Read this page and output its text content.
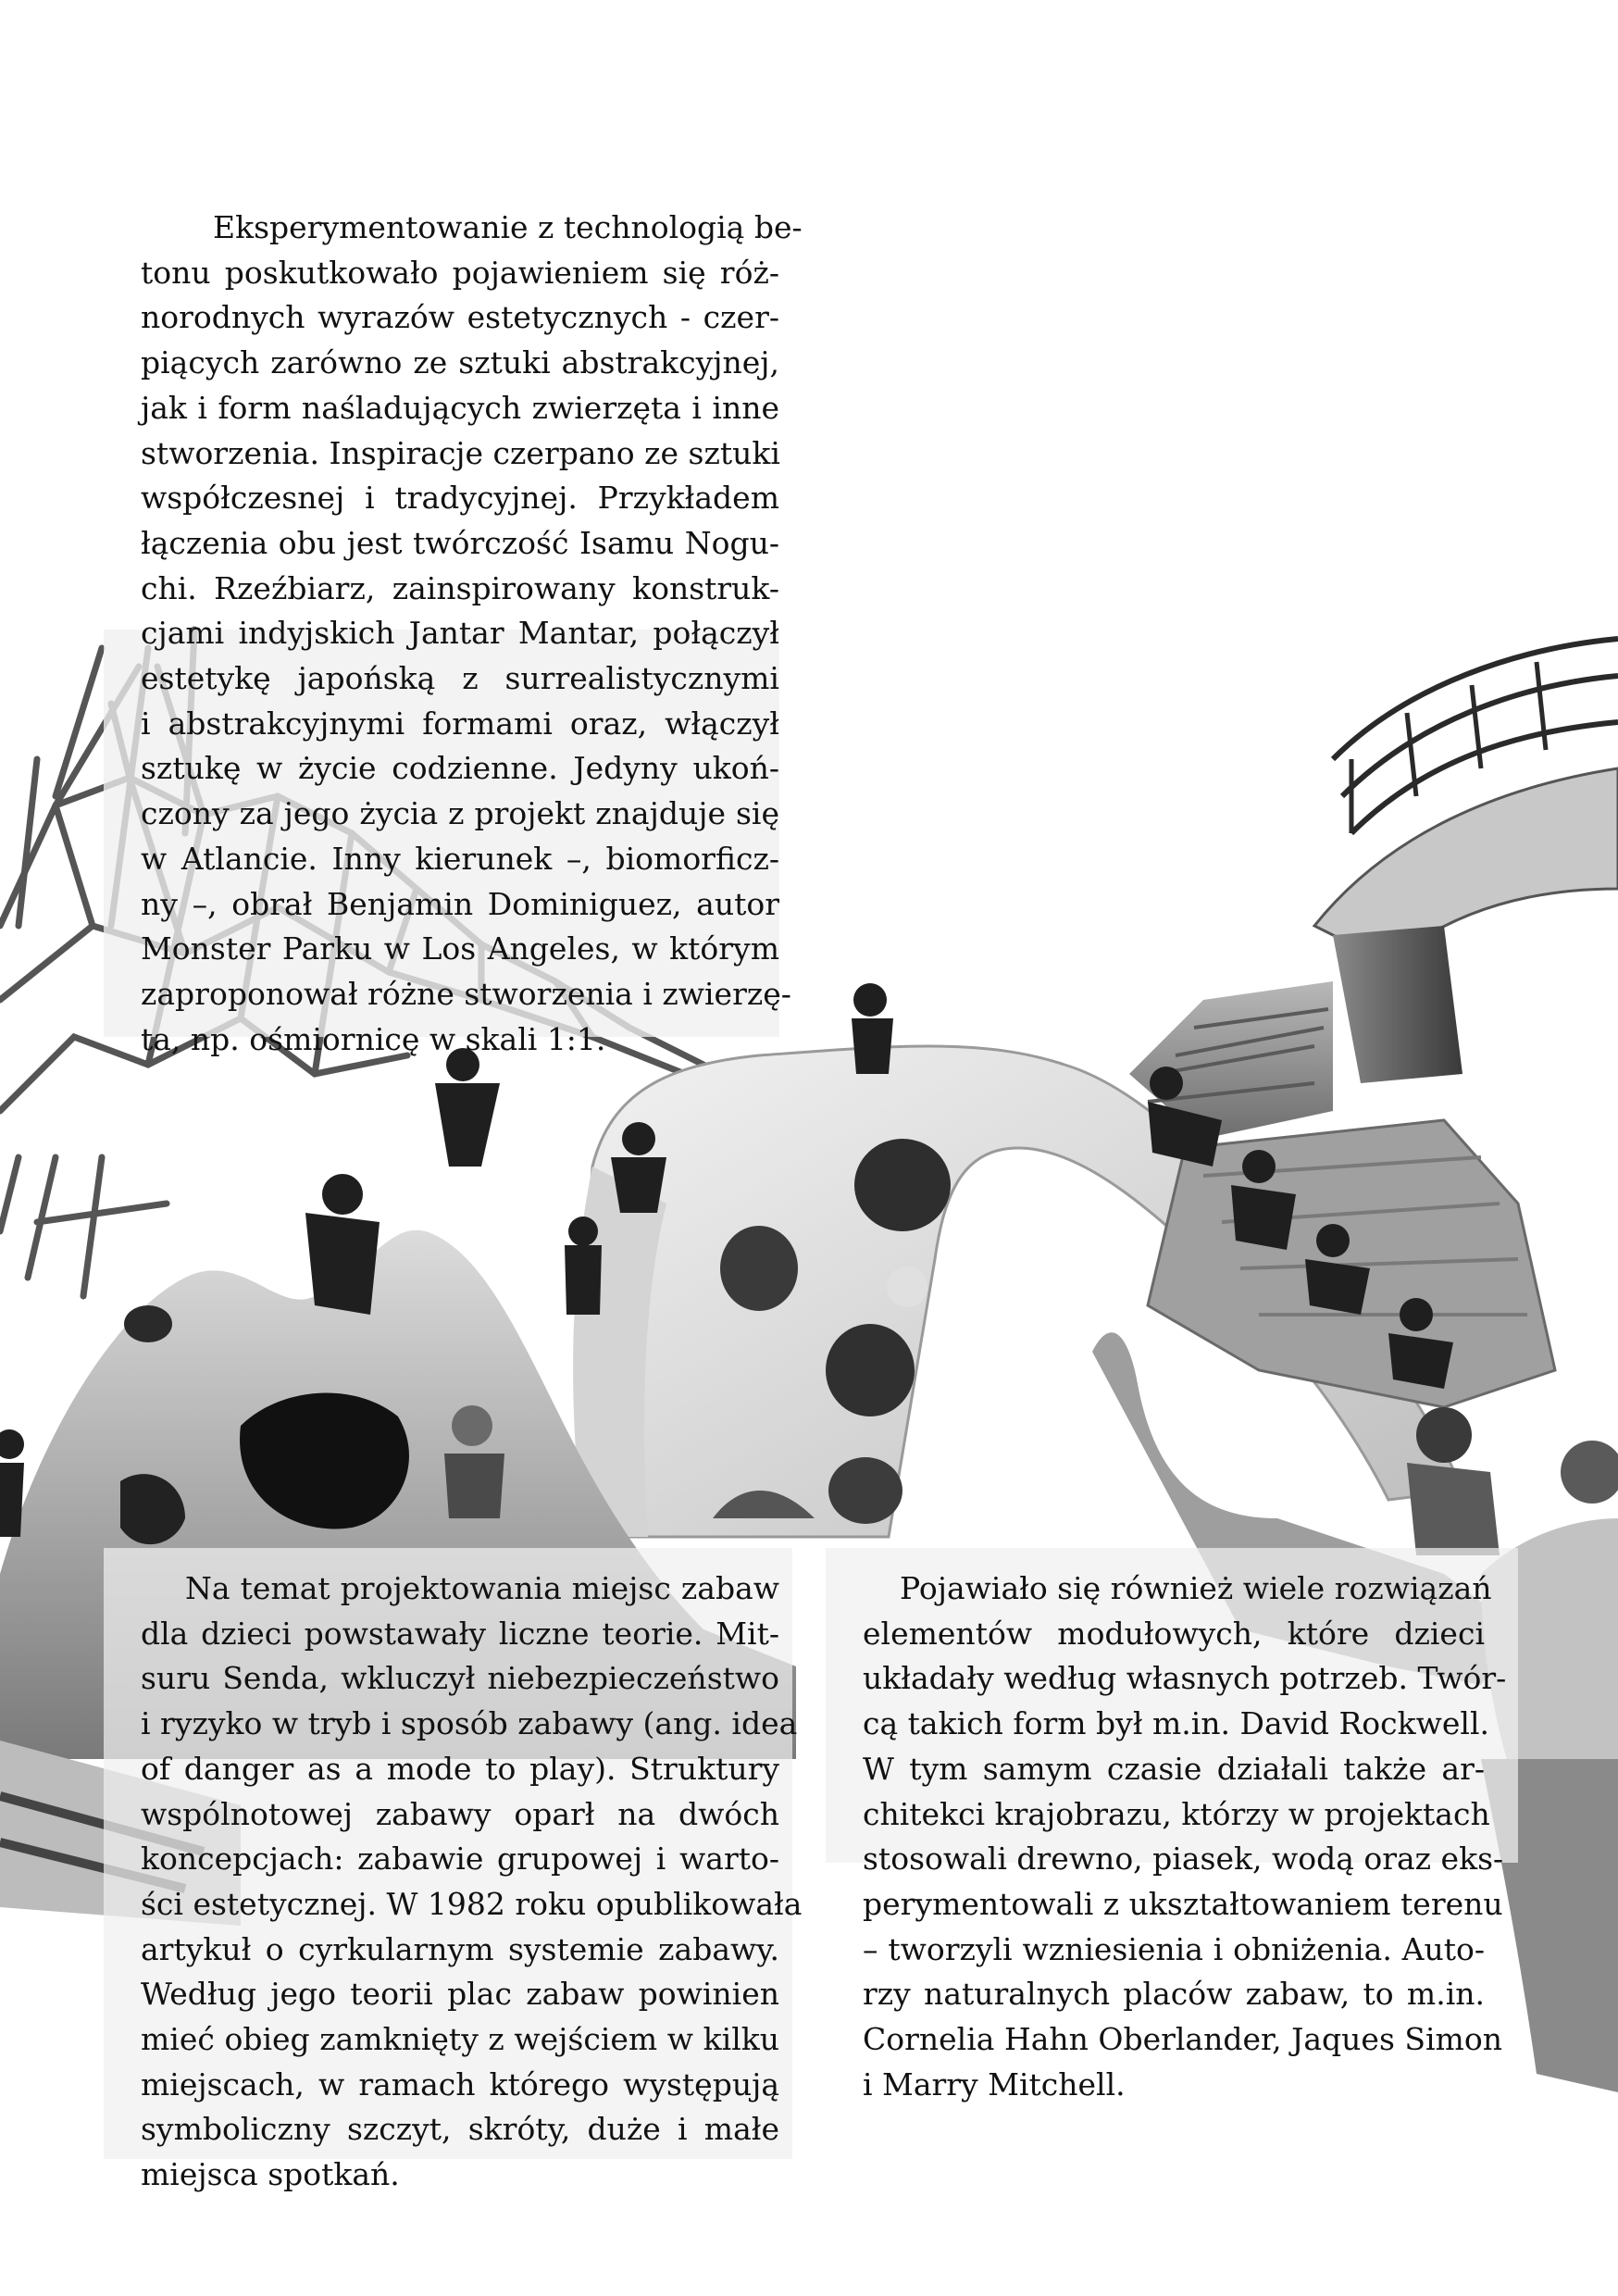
Eksperymentowanie z technologią be-
tonu poskutkowało pojawieniem się róż-
norodnych wyrazów estetycznych - czer-
piących zarówno ze sztuki abstrakcyjnej,
jak i form naśladujących zwierzęta i inne
stworzenia. Inspiracje czerpano ze sztuki
współczesnej i tradycyjnej. Przykładem
łączenia obu jest twórczość Isamu Nogu-
chi. Rzeźbiarz, zainspirowany konstruk-
cjami indyjskich Jantar Mantar, połączył
estetykę japońską z surrealistycznymi
i abstrakcyjnymi formami oraz, włączył
sztukę w życie codzienne. Jedyny ukoń-
czony za jego życia z projekt znajduje się
w Atlancie. Inny kierunek –, biomorficz-
ny –, obrał Benjamin Dominiguez, autor
Monster Parku w Los Angeles, w którym
zaproponował różne stworzenia i zwierzę-
ta, np. ośmiornicę w skali 1:1.
Na temat projektowania miejsc zabaw
dla dzieci powstawały liczne teorie. Mit-
suru Senda, wkluczył niebezpieczeństwo
i ryzyko w tryb i sposób zabawy (ang. idea
of danger as a mode to play). Struktury
wspólnotowej zabawy oparł na dwóch
koncepcjach: zabawie grupowej i warto-
ści estetycznej. W 1982 roku opublikowała
artykuł o cyrkularnym systemie zabawy.
Według jego teorii plac zabaw powinien
mieć obieg zamknięty z wejściem w kilku
miejscach, w ramach którego występują
symboliczny szczyt, skróty, duże i małe
miejsca spotkań.
Pojawiało się również wiele rozwiązań
elementów modułowych, które dzieci
układały według własnych potrzeb. Twór-
cą takich form był m.in. David Rockwell.
W tym samym czasie działali także ar-
chitekci krajobrazu, którzy w projektach
stosowali drewno, piasek, wodą oraz eks-
perymentowali z ukształtowaniem terenu
– tworzyli wzniesienia i obniżenia. Auto-
rzy naturalnych placów zabaw, to m.in.
Cornelia Hahn Oberlander, Jaques Simon
i Marry Mitchell.
